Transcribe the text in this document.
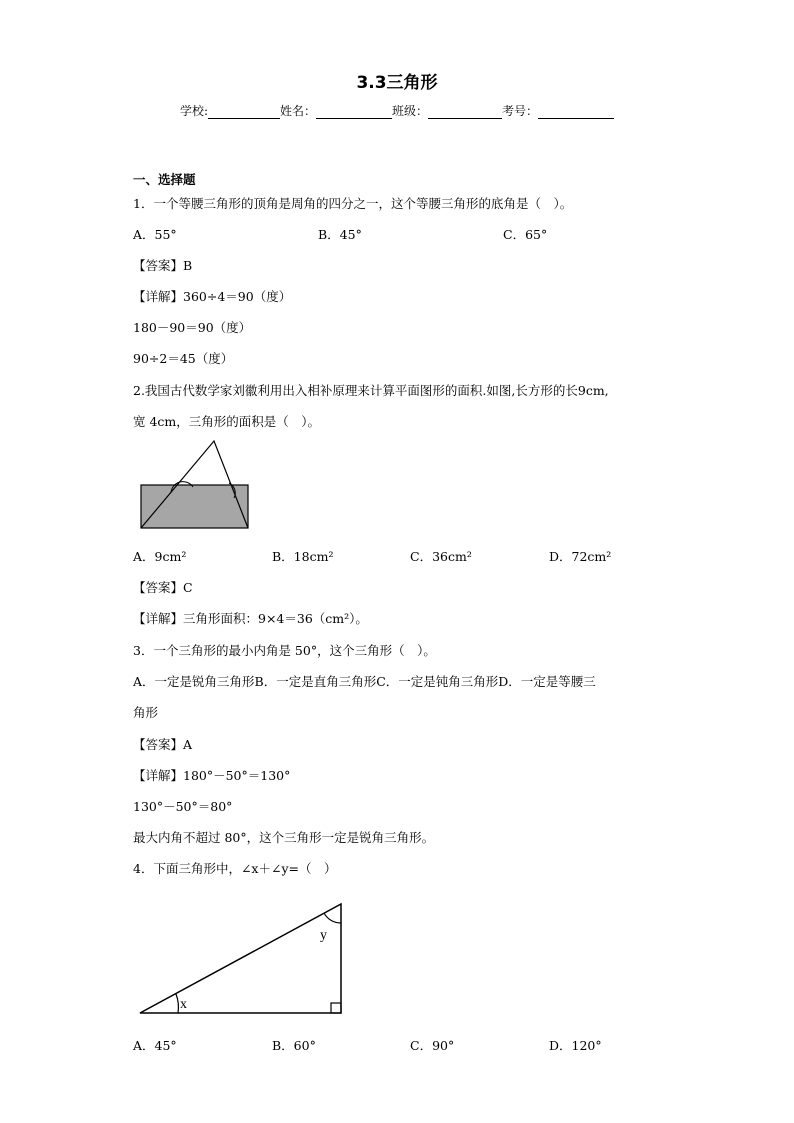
3.3三角形
学校:	姓名：	班级：	考号：
一、选择题
1．一个等腰三角形的顶角是周角的四分之一，这个等腰三角形的底角是（　）。
A．55°	B．45°	C．65°
【答案】B
【详解】360÷4＝90（度）
180－90＝90（度）
90÷2＝45（度）
2.我国古代数学家刘徽利用出入相补原理来计算平面图形的面积.如图,长方形的长9cm,
宽 4cm，三角形的面积是（　）。
A．9cm²	B．18cm²	C．36cm²	D．72cm²
【答案】C
【详解】三角形面积：9×4＝36（cm²）。
3．一个三角形的最小内角是 50°，这个三角形（　）。
A．一定是锐角三角形B．一定是直角三角形C．一定是钝角三角形D．一定是等腰三
角形
【答案】A
【详解】180°－50°＝130°
130°－50°＝80°
最大内角不超过 80°，这个三角形一定是锐角三角形。
4．下面三角形中，∠x＋∠y=（　）
x
y
A．45°	B．60°	C．90°	D．120°
